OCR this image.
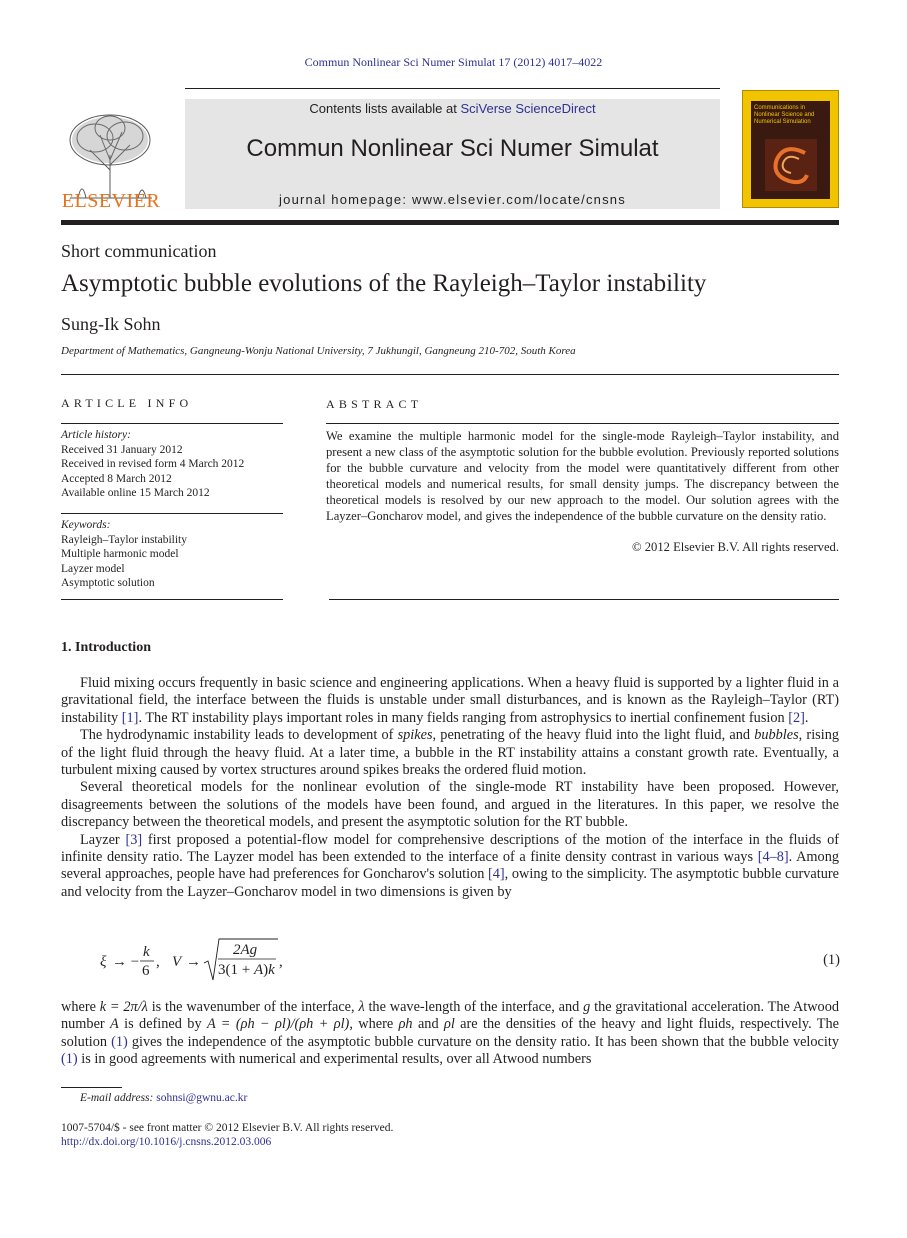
Commun Nonlinear Sci Numer Simulat 17 (2012) 4017–4022
ELSEVIER
Contents lists available at SciVerse ScienceDirect
Commun Nonlinear Sci Numer Simulat
journal homepage: www.elsevier.com/locate/cnsns
Communications in Nonlinear Science and Numerical Simulation
Short communication
Asymptotic bubble evolutions of the Rayleigh–Taylor instability
Sung-Ik Sohn
Department of Mathematics, Gangneung-Wonju National University, 7 Jukhungil, Gangneung 210-702, South Korea
ARTICLE INFO
Article history:
Received 31 January 2012
Received in revised form 4 March 2012
Accepted 8 March 2012
Available online 15 March 2012
Keywords:
Rayleigh–Taylor instability
Multiple harmonic model
Layzer model
Asymptotic solution
ABSTRACT
We examine the multiple harmonic model for the single-mode Rayleigh–Taylor instability, and present a new class of the asymptotic solution for the bubble evolution. Previously reported solutions for the bubble curvature and velocity from the model were quantitatively different from other theoretical models and numerical results, for small density jumps. The discrepancy between the theoretical models is resolved by our new approach to the model. Our solution agrees with the Layzer–Goncharov model, and gives the independence of the bubble curvature on the density ratio.
© 2012 Elsevier B.V. All rights reserved.
1. Introduction

Fluid mixing occurs frequently in basic science and engineering applications. When a heavy fluid is supported by a lighter fluid in a gravitational field, the interface between the fluids is unstable under small disturbances, and is known as the Rayleigh–Taylor (RT) instability [1]. The RT instability plays important roles in many fields ranging from astrophysics to inertial confinement fusion [2].

The hydrodynamic instability leads to development of spikes, penetrating of the heavy fluid into the light fluid, and bubbles, rising of the light fluid through the heavy fluid. At a later time, a bubble in the RT instability attains a constant growth rate. Eventually, a turbulent mixing caused by vortex structures around spikes breaks the ordered fluid motion.

Several theoretical models for the nonlinear evolution of the single-mode RT instability have been proposed. However, disagreements between the solutions of the models have been found, and argued in the literatures. In this paper, we resolve the discrepancy between the theoretical models, and present the asymptotic solution for the RT bubble.

Layzer [3] first proposed a potential-flow model for comprehensive descriptions of the motion of the interface in the fluids of infinite density ratio. The Layzer model has been extended to the interface of a finite density contrast in various ways [4–8]. Among several approaches, people have had preferences for Goncharov's solution [4], owing to the simplicity. The asymptotic bubble curvature and velocity from the Layzer–Goncharov model in two dimensions is given by

ξ → −
k
6
, V →
2Ag
3(1 + A)k ,	(1)
where k = 2π/λ is the wavenumber of the interface, λ the wave-length of the interface, and g the gravitational acceleration. The Atwood number A is defined by A = (ρh − ρl)/(ρh + ρl), where ρh and ρl are the densities of the heavy and light fluids, respectively. The solution (1) gives the independence of the asymptotic bubble curvature on the density ratio. It has been shown that the bubble velocity (1) is in good agreements with numerical and experimental results, over all Atwood numbers
E-mail address: sohnsi@gwnu.ac.kr
1007-5704/$ - see front matter © 2012 Elsevier B.V. All rights reserved.
http://dx.doi.org/10.1016/j.cnsns.2012.03.006
